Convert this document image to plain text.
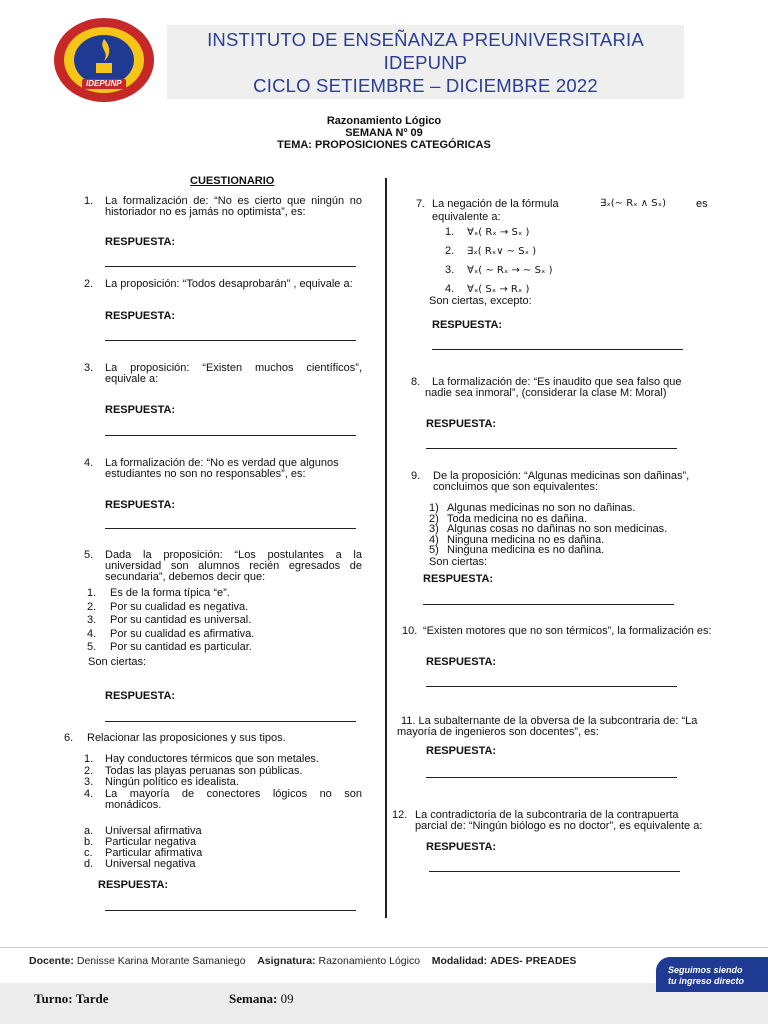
IDEPUNP
INSTITUTO DE ENSEÑANZA PREUNIVERSITARIA
IDEPUNP
CICLO SETIEMBRE – DICIEMBRE 2022
Razonamiento Lógico
SEMANA Nº 09
TEMA: PROPOSICIONES CATEGÓRICAS
CUESTIONARIO
1. La formalización de: “No es cierto que ningún no historiador no es jamás no optimista”, es:
RESPUESTA:
2. La proposición: “Todos desaprobarán” , equivale a:
RESPUESTA:
3. La proposición: “Existen muchos científicos”, equivale a:
RESPUESTA:
4. La formalización de: “No es verdad que algunos estudiantes no son no responsables”, es:
RESPUESTA:
5. Dada la proposición: “Los postulantes a la universidad son alumnos recién egresados de secundaria”, debemos decir que:
1. Es de la forma típica “e”.
2. Por su cualidad es negativa.
3. Por su cantidad es universal.
4. Por su cualidad es afirmativa.
5. Por su cantidad es particular.
Son ciertas:
RESPUESTA:
6. Relacionar las proposiciones y sus tipos.
1. Hay conductores térmicos que son metales.
2. Todas las playas peruanas son públicas.
3. Ningún político es idealista.
4. La mayoría de conectores lógicos no son monádicos.
a. Universal afirmativa
b. Particular negativa
c. Particular afirmativa
d. Universal negativa
RESPUESTA:
7. La negación de la fórmula	∃ₓ(∼ Rₓ ∧ Sₓ)	es
equivalente a:
1. ∀ₓ( Rₓ → Sₓ )
2. ∃ₓ( Rₓ∨ ∼ Sₓ )
3. ∀ₓ( ∼ Rₓ → ∼ Sₓ )
4. ∀ₓ( Sₓ → Rₓ )
Son ciertas, excepto:
RESPUESTA:
8.	La formalización de: “Es inaudito que sea falso que nadie sea inmoral”, (considerar la clase M: Moral)
RESPUESTA:
9. De la proposición: “Algunas medicinas son dañinas”, concluimos que son equivalentes:
1) Algunas medicinas no son no dañinas.
2) Toda medicina no es dañina.
3) Algunas cosas no dañinas no son medicinas.
4) Ninguna medicina no es dañina.
5) Ninguna medicina es no dañina.
Son ciertas:
RESPUESTA:
10. “Existen motores que no son térmicos”, la formalización es:
RESPUESTA:
11. La subalternante de la obversa de la subcontraria de: “La mayoría de ingenieros son docentes”, es:
RESPUESTA:
12. La contradictoria de la subcontraria de la contrapuerta parcial de: “Ningún biólogo es no doctor”, es equivalente a:
RESPUESTA:
Docente: Denisse Karina Morante Samaniego Asignatura: Razonamiento Lógico Modalidad: ADES- PREADES
Seguimos siendo
tu ingreso directo
Turno: Tarde	Semana: 09
